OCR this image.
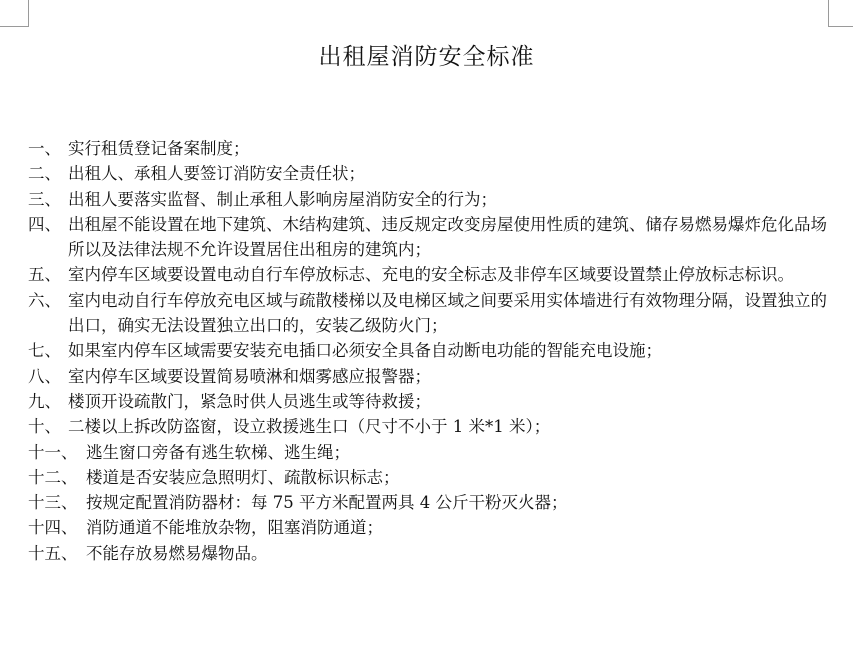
出租屋消防安全标准
一、 实行租赁登记备案制度；
二、 出租人、承租人要签订消防安全责任状；
三、 出租人要落实监督、制止承租人影响房屋消防安全的行为；
四、 出租屋不能设置在地下建筑、木结构建筑、违反规定改变房屋使用性质的建筑、储存易燃易爆炸危化品场所以及法律法规不允许设置居住出租房的建筑内；
五、 室内停车区域要设置电动自行车停放标志、充电的安全标志及非停车区域要设置禁止停放标志标识。
六、 室内电动自行车停放充电区域与疏散楼梯以及电梯区域之间要采用实体墙进行有效物理分隔，设置独立的出口，确实无法设置独立出口的，安装乙级防火门；
七、 如果室内停车区域需要安装充电插口必须安全具备自动断电功能的智能充电设施；
八、 室内停车区域要设置简易喷淋和烟雾感应报警器；
九、 楼顶开设疏散门，紧急时供人员逃生或等待救援；
十、 二楼以上拆改防盗窗，设立救援逃生口（尺寸不小于 1 米*1 米）；
十一、 逃生窗口旁备有逃生软梯、逃生绳；
十二、 楼道是否安装应急照明灯、疏散标识标志；
十三、 按规定配置消防器材：每 75 平方米配置两具 4 公斤干粉灭火器；
十四、 消防通道不能堆放杂物，阻塞消防通道；
十五、 不能存放易燃易爆物品。
